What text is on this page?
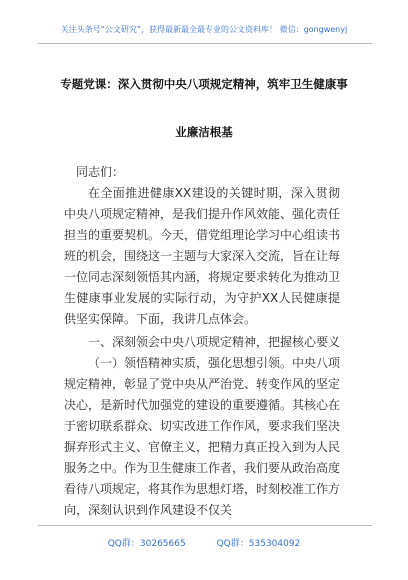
关注头条号“公文研究”，获得最新最全最专业的公文资料库！ 微信：gongwenyj
专题党课：深入贯彻中央八项规定精神，筑牢卫生健康事
业廉洁根基

同志们：

在全面推进健康XX建设的关键时期，深入贯彻中央八项规定精神，是我们提升作风效能、强化责任担当的重要契机。今天，借党组理论学习中心组读书班的机会，围绕这一主题与大家深入交流，旨在让每一位同志深刻领悟其内涵，将规定要求转化为推动卫生健康事业发展的实际行动，为守护XX人民健康提供坚实保障。下面，我讲几点体会。

一、深刻领会中央八项规定精神，把握核心要义

（一）领悟精神实质，强化思想引领。中央八项规定精神，彰显了党中央从严治党、转变作风的坚定决心，是新时代加强党的建设的重要遵循。其核心在于密切联系群众、切实改进工作作风，要求我们坚决摒弃形式主义、官僚主义，把精力真正投入到为人民服务之中。作为卫生健康工作者，我们要从政治高度看待八项规定，将其作为思想灯塔，时刻校准工作方向，深刻认识到作风建设不仅关

QQ群：30265665	QQ群：535304092
